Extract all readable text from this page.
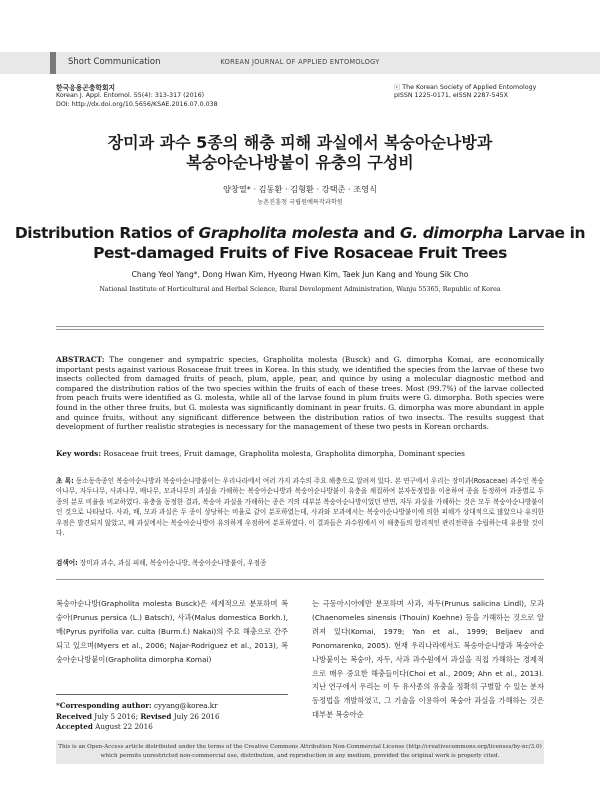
Short Communication	KOREAN JOURNAL OF APPLIED ENTOMOLOGY
한국응용곤충학회지
Korean J. Appl. Entomol. 55(4): 313-317 (2016)
DOI: http://dx.doi.org/10.5656/KSAE.2016.07.0.038
ⓒ The Korean Society of Applied Entomology
pISSN 1225-0171, eISSN 2287-545X
장미과 과수 5종의 해충 피해 과실에서 복숭아순나방과
복숭아순나방붙이 유충의 구성비
양창열* · 김동환 · 김형환 · 강택준 · 조영식
농촌진흥청 국립원예특작과학원
Distribution Ratios of Grapholita molesta and G. dimorpha Larvae in
Pest-damaged Fruits of Five Rosaceae Fruit Trees
Chang Yeol Yang*, Dong Hwan Kim, Hyeong Hwan Kim, Taek Jun Kang and Young Sik Cho
National Institute of Horticultural and Herbal Science, Rural Development Administration, Wanju 55365, Republic of Korea
ABSTRACT: The congener and sympatric species, Grapholita molesta (Busck) and G. dimorpha Komai, are economically important pests against various Rosaceae fruit trees in Korea. In this study, we identified the species from the larvae of these two insects collected from damaged fruits of peach, plum, apple, pear, and quince by using a molecular diagnostic method and compared the distribution ratios of the two species within the fruits of each of these trees. Most (99.7%) of the larvae collected from peach fruits were identified as G. molesta, while all of the larvae found in plum fruits were G. dimorpha. Both species were found in the other three fruits, but G. molesta was significantly dominant in pear fruits. G. dimorpha was more abundant in apple and quince fruits, without any significant difference between the distribution ratios of two insects. The results suggest that development of further realistic strategies is necessary for the management of these two pests in Korean orchards.
Key words: Rosaceae fruit trees, Fruit damage, Grapholita molesta, Grapholita dimorpha, Dominant species
초 록: 동소동속종인 복숭아순나방과 복숭아순나방붙이는 우리나라에서 여러 가지 과수의 주요 해충으로 알려져 있다. 본 연구에서 우리는 장미과(Rosaceae) 과수인 복숭아나무, 자두나무, 사과나무, 배나무, 모과나무의 과실을 가해하는 복숭아순나방과 복숭아순나방붙이 유충을 채집하여 분자동정법을 이용하여 종을 동정하여 과종별로 두 종의 분포 비율을 비교하였다. 유충을 동정한 결과, 복숭아 과실을 가해하는 종은 거의 대부분 복숭아순나방이었던 반면, 자두 과실을 가해하는 것은 모두 복숭아순나방붙이인 것으로 나타났다. 사과, 배, 모과 과실은 두 종이 상당하는 비율로 같이 분포하였는데, 사과와 모과에서는 복숭아순나방붙이에 의한 피해가 상대적으로 많았으나 유의한 우점은 발견되지 않았고, 배 과실에서는 복숭아순나방이 유의하게 우점하여 분포하였다. 이 결과들은 과수원에서 이 해충들의 합리적인 관리전략을 수립하는데 유용할 것이다.
검색어: 장미과 과수, 과실 피해, 복숭아순나방, 복숭아순나방붙이, 우점종
복숭아순나방(Grapholita molesta Busck)은 세계적으로 분포하며 복숭아(Prunus persica (L.) Batsch), 사과(Malus domestica Borkh.), 배(Pyrus pyrifolia var. culta (Burm.f.) Nakai)의 주요 해충으로 간주되고 있으며(Myers et al., 2006; Najar-Rodriguez et al., 2013), 복숭아순나방붙이(Grapholita dimorpha Komai)
는 극동아시아에만 분포하며 사과, 자두(Prunus salicina Lindl), 모과(Chaenomeles sinensis (Thouin) Koehne) 등을 가해하는 것으로 알려져 있다(Komai, 1979; Yan et al., 1999; Beljaev and Ponomarenko, 2005). 현재 우리나라에서도 복숭아순나방과 복숭아순나방붙이는 복숭아, 자두, 사과 과수원에서 과실을 직접 가해하는 경제적으로 매우 중요한 해충들이다(Choi et al., 2009; Ahn et al., 2013). 지난 연구에서 우리는 이 두 유사종의 유충을 정확히 구별할 수 있는 분자동정법을 개발하였고, 그 기술을 이용하여 복숭아 과실을 가해하는 것은 대부분 복숭아순
*Corresponding author: cyyang@korea.kr
Received July 5 2016; Revised July 26 2016
Accepted August 22 2016
This is an Open-Access article distributed under the terms of the Creative Commons Attribution Non-Commercial License (http://creativecommons.org/licenses/by-nc/3.0)
which permits unrestricted non-commercial use, distribution, and reproduction in any medium, provided the original work is properly cited.
